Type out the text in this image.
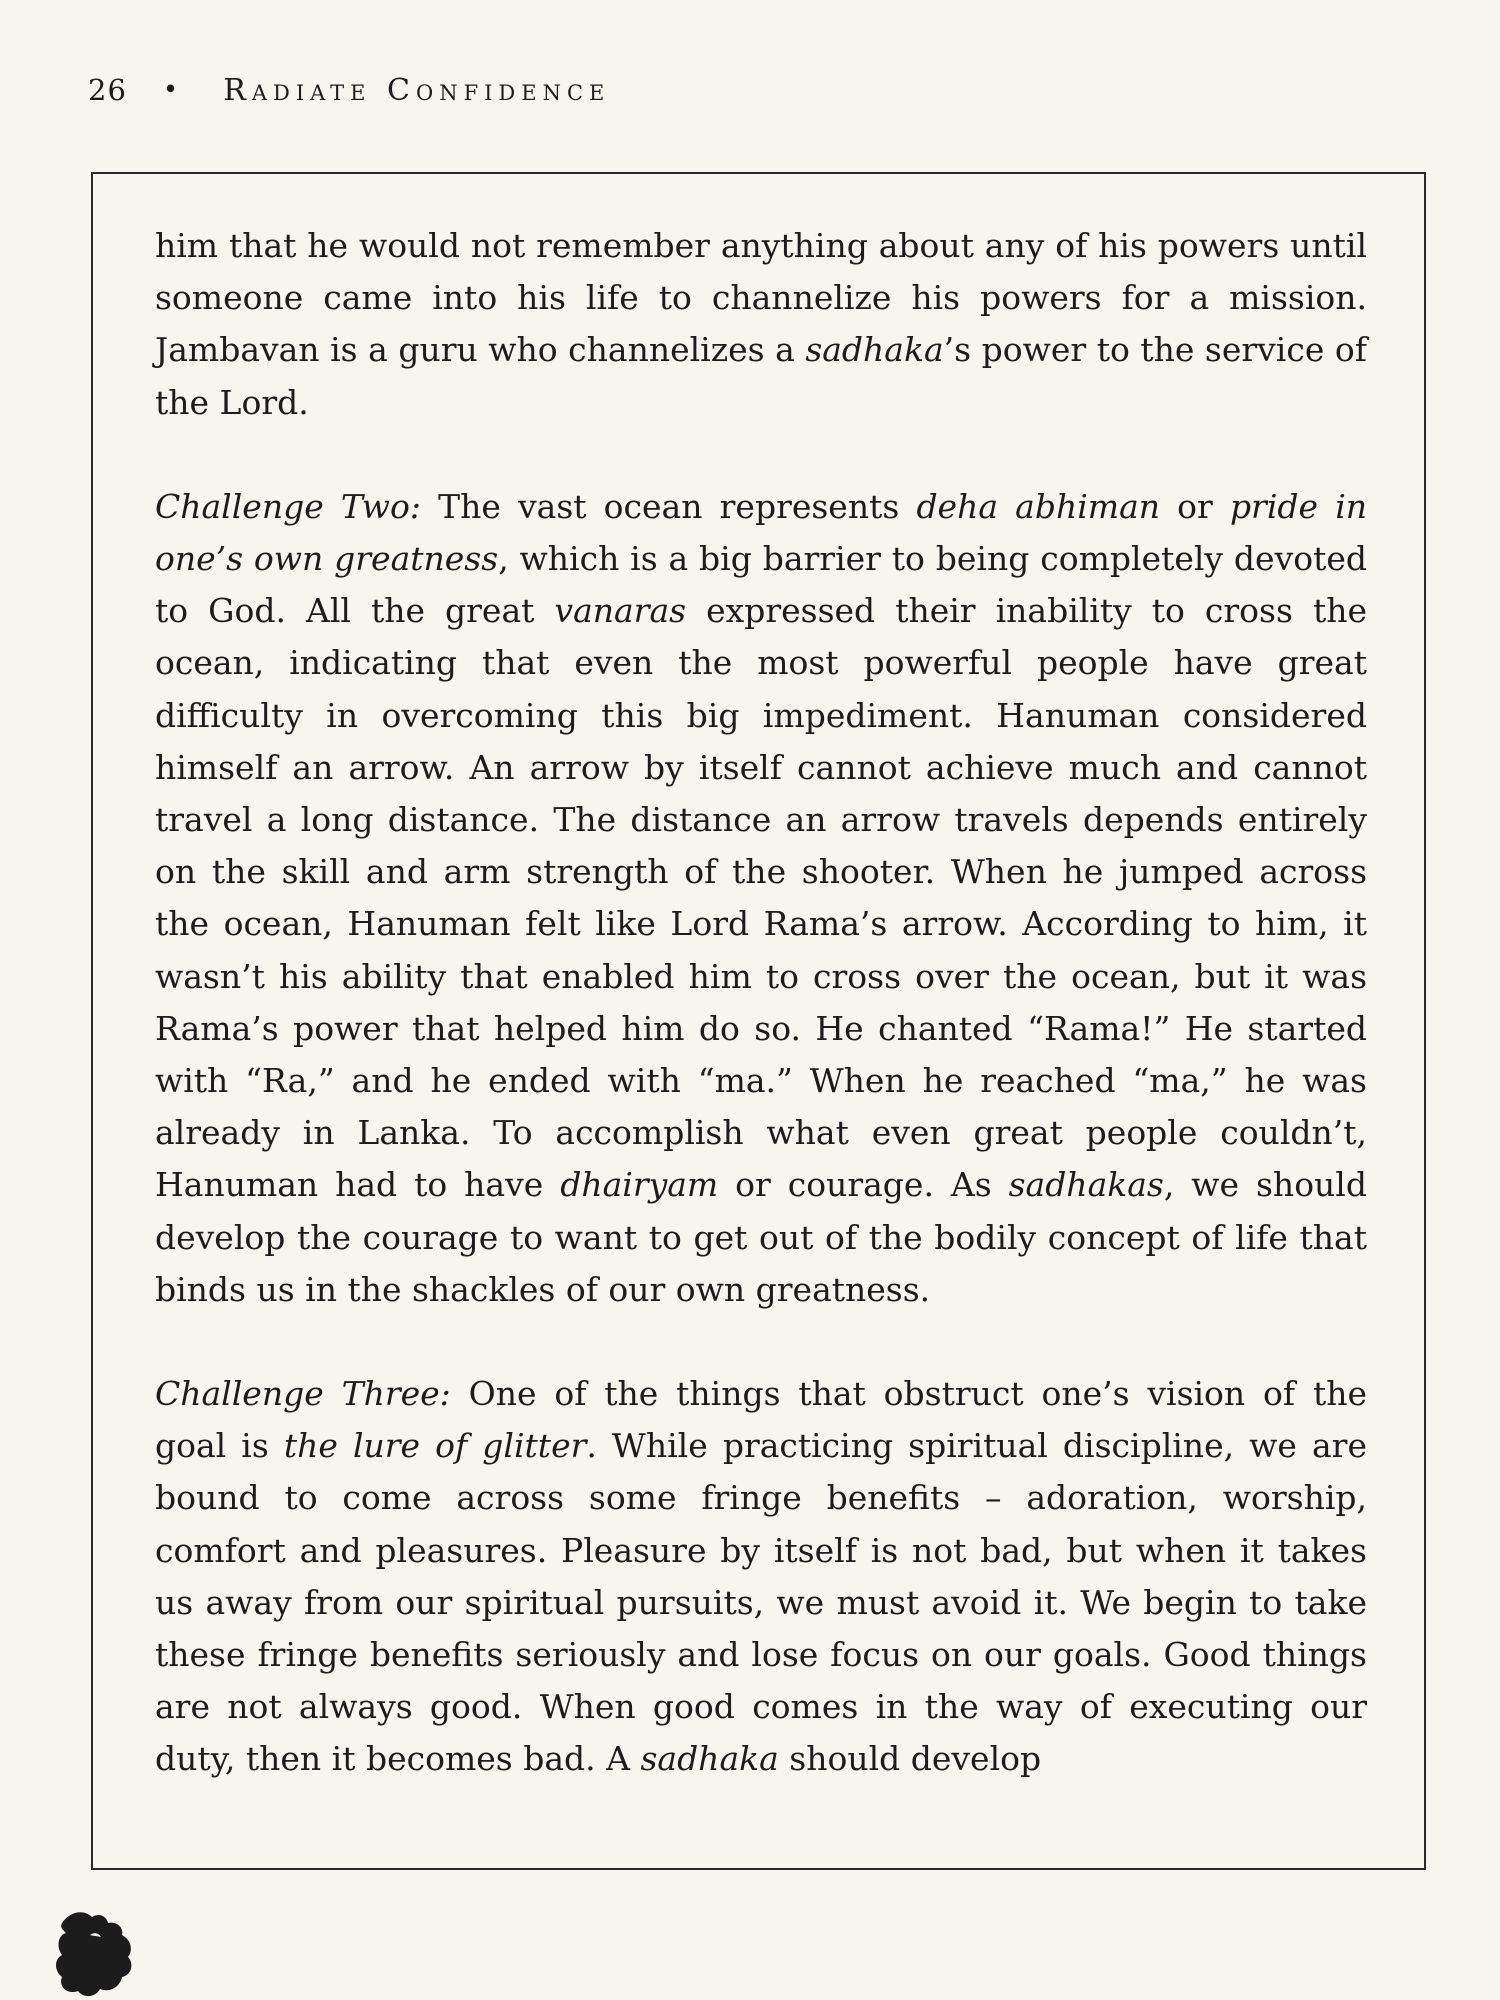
26 • Radiate Confidence

him that he would not remember anything about any of his powers until someone came into his life to channelize his powers for a mission. Jambavan is a guru who channelizes a sadhaka’s power to the service of the Lord.

Challenge Two: The vast ocean represents deha abhiman or pride in one’s own greatness, which is a big barrier to being completely devoted to God. All the great vanaras expressed their inability to cross the ocean, indicating that even the most powerful people have great difficulty in overcoming this big impediment. Hanuman considered himself an arrow. An arrow by itself cannot achieve much and cannot travel a long distance. The distance an arrow travels depends entirely on the skill and arm strength of the shooter. When he jumped across the ocean, Hanuman felt like Lord Rama’s arrow. According to him, it wasn’t his ability that enabled him to cross over the ocean, but it was Rama’s power that helped him do so. He chanted “Rama!” He started with “Ra,” and he ended with “ma.” When he reached “ma,” he was already in Lanka. To accomplish what even great people couldn’t, Hanuman had to have dhairyam or courage. As sadhakas, we should develop the courage to want to get out of the bodily concept of life that binds us in the shackles of our own greatness.

Challenge Three: One of the things that obstruct one’s vision of the goal is the lure of glitter. While practicing spiritual discipline, we are bound to come across some fringe benefits – adoration, worship, comfort and pleasures. Pleasure by itself is not bad, but when it takes us away from our spiritual pursuits, we must avoid it. We begin to take these fringe benefits seriously and lose focus on our goals. Good things are not always good. When good comes in the way of executing our duty, then it becomes bad. A sadhaka should develop
